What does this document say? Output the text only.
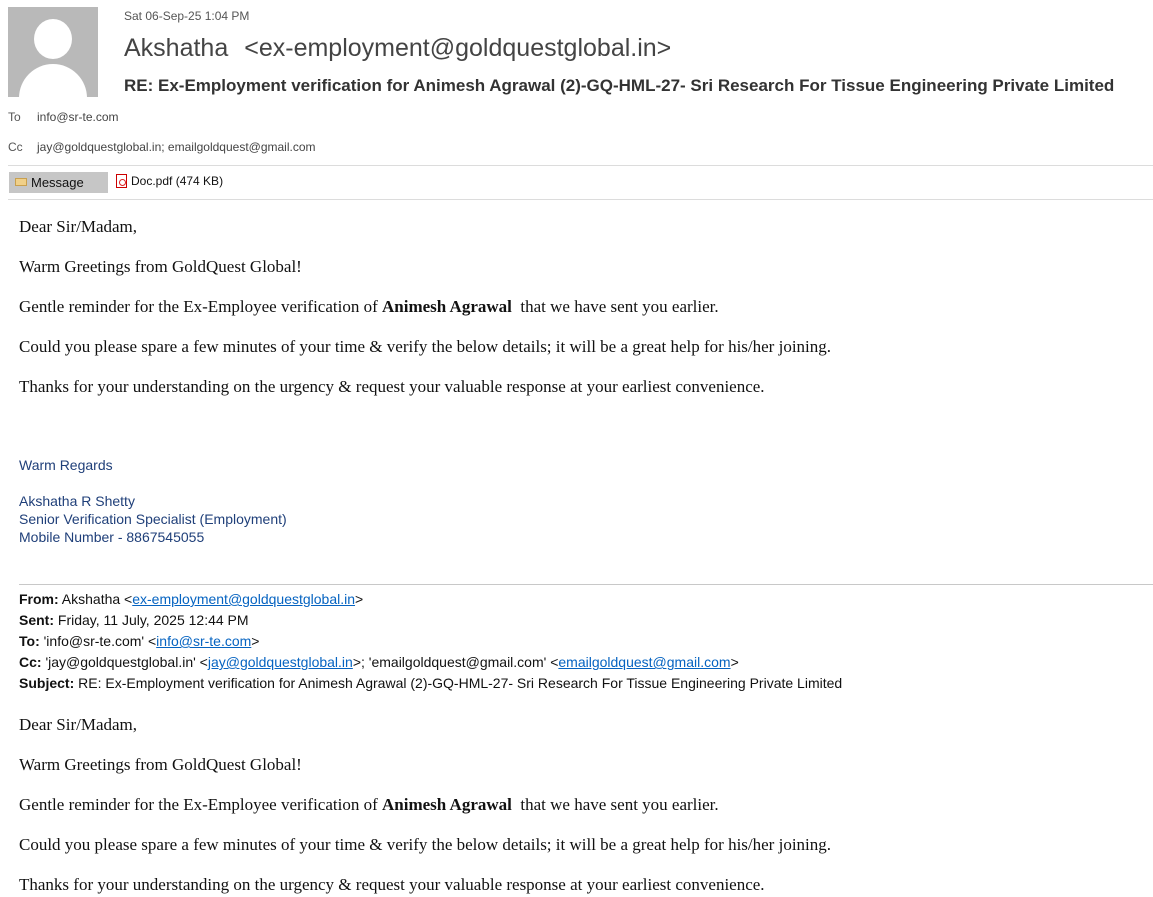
Sat 06-Sep-25 1:04 PM
Akshatha <ex-employment@goldquestglobal.in>
RE: Ex-Employment verification for Animesh Agrawal (2)-GQ-HML-27- Sri Research For Tissue Engineering Private Limited
To info@sr-te.com
Cc jay@goldquestglobal.in; emailgoldquest@gmail.com
Message	Doc.pdf (474 KB)
Dear Sir/Madam,
Warm Greetings from GoldQuest Global!
Gentle reminder for the Ex-Employee verification of Animesh Agrawal  that we have sent you earlier.
Could you please spare a few minutes of your time & verify the below details; it will be a great help for his/her joining.
Thanks for your understanding on the urgency & request your valuable response at your earliest convenience.
Warm Regards
Akshatha R Shetty
Senior Verification Specialist (Employment)
Mobile Number - 8867545055
From: Akshatha <ex-employment@goldquestglobal.in>
Sent: Friday, 11 July, 2025 12:44 PM
To: 'info@sr-te.com' <info@sr-te.com>
Cc: 'jay@goldquestglobal.in' <jay@goldquestglobal.in>; 'emailgoldquest@gmail.com' <emailgoldquest@gmail.com>
Subject: RE: Ex-Employment verification for Animesh Agrawal (2)-GQ-HML-27- Sri Research For Tissue Engineering Private Limited
Dear Sir/Madam,
Warm Greetings from GoldQuest Global!
Gentle reminder for the Ex-Employee verification of Animesh Agrawal  that we have sent you earlier.
Could you please spare a few minutes of your time & verify the below details; it will be a great help for his/her joining.
Thanks for your understanding on the urgency & request your valuable response at your earliest convenience.
